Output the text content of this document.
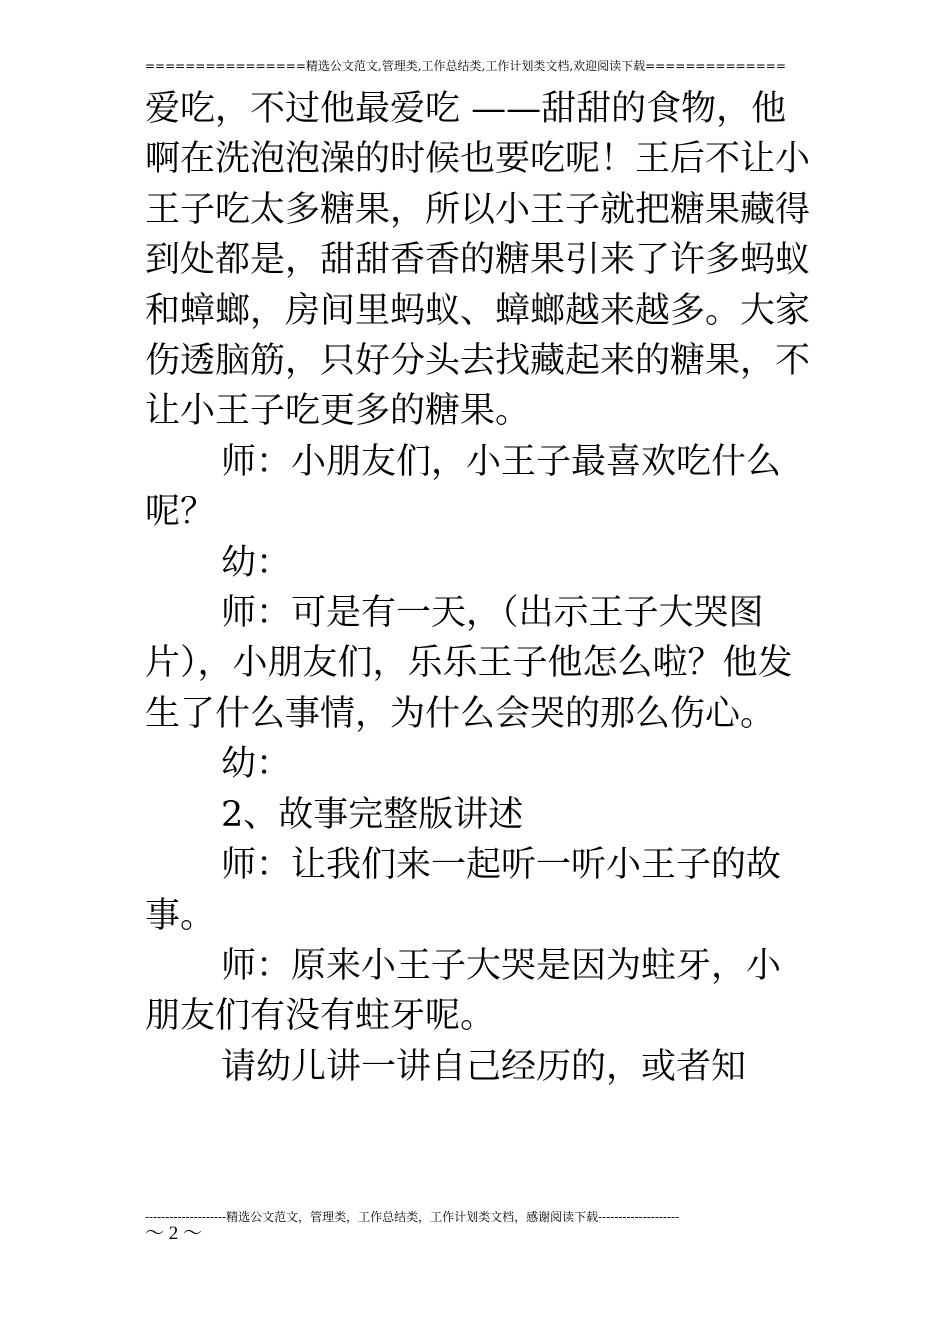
================精选公文范文,管理类,工作总结类,工作计划类文档,欢迎阅读下载==============

爱吃，不过他最爱吃 ——甜甜的食物，他啊在洗泡泡澡的时候也要吃呢！王后不让小王子吃太多糖果，所以小王子就把糖果藏得到处都是，甜甜香香的糖果引来了许多蚂蚁和蟑螂，房间里蚂蚁、蟑螂越来越多。大家伤透脑筋，只好分头去找藏起来的糖果，不让小王子吃更多的糖果。

师：小朋友们，小王子最喜欢吃什么呢？

幼：

师：可是有一天，（出示王子大哭图片），小朋友们，乐乐王子他怎么啦？他发生了什么事情，为什么会哭的那么伤心。

幼：

2、故事完整版讲述

师：让我们来一起听一听小王子的故事。

师：原来小王子大哭是因为蛀牙，小朋友们有没有蛀牙呢。

请幼儿讲一讲自己经历的，或者知

--------------------精选公文范文，管理类，工作总结类，工作计划类文档，感谢阅读下载--------------------
～ 2 ～
